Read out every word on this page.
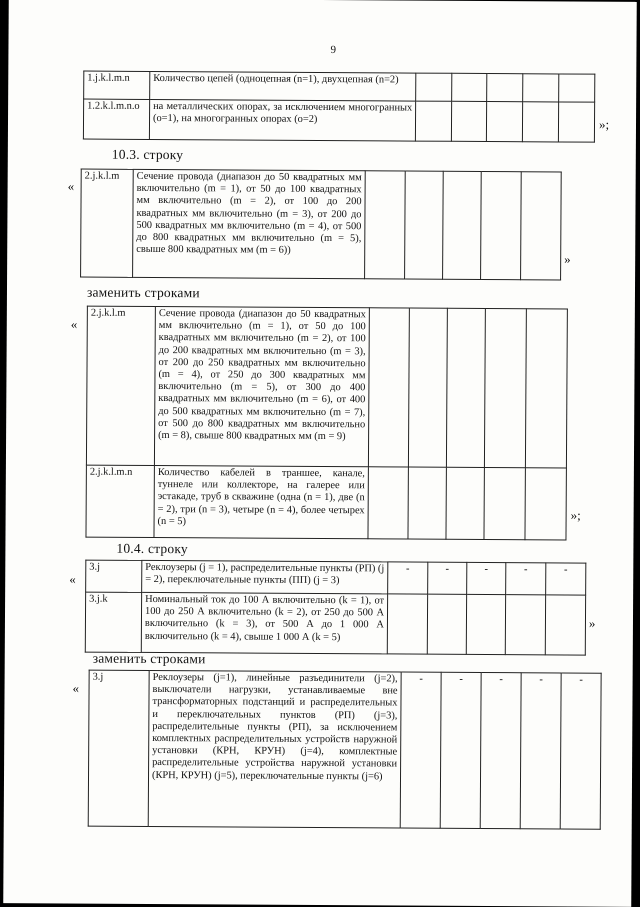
9
1.j.k.l.m.n	Количество цепей (одноцепная (n=1), двухцепная (n=2)					
1.2.k.l.m.n.o	на металлических опорах, за исключением многогранных (о=1), на многогранных опорах (о=2)						»;
10.3. строку
«
2.j.k.l.m	Сечение провода (диапазон до 50 квадратных мм включительно (m = 1), от 50 до 100 квадратных мм включительно (m = 2), от 100 до 200 квадратных мм включительно (m = 3), от 200 до 500 квадратных мм включительно (m = 4), от 500 до 800 квадратных мм включительно (m = 5), свыше 800 квадратных мм (m = 6))					
»
заменить строками
«
2.j.k.l.m	Сечение провода (диапазон до 50 квадратных мм включительно (m = 1), от 50 до 100 квадратных мм включительно (m = 2), от 100 до 200 квадратных мм включительно (m = 3), от 200 до 250 квадратных мм включительно (m = 4), от 250 до 300 квадратных мм включительно (m = 5), от 300 до 400 квадратных мм включительно (m = 6), от 400 до 500 квадратных мм включительно (m = 7), от 500 до 800 квадратных мм включительно (m = 8), свыше 800 квадратных мм (m = 9)					
2.j.k.l.m.n	Количество кабелей в траншее, канале, туннеле или коллекторе, на галерее или эстакаде, труб в скважине (одна (n = 1), две (n = 2), три (n = 3), четыре (n = 4), более четырех (n = 5)						»;
10.4. строку
«
3.j	Реклоузеры (j = 1), распределительные пункты (РП) (j = 2), переключательные пункты (ПП) (j = 3)	-	-	-	-	-
3.j.k	Номинальный ток до 100 А включительно (k = 1), от 100 до 250 А включительно (k = 2), от 250 до 500 А включительно (k = 3), от 500 А до 1 000 А включительно (k = 4), свыше 1 000 А (k = 5)					
»
заменить строками
«
3.j	Реклоузеры (j=1), линейные разъединители (j=2), выключатели нагрузки, устанавливаемые вне трансформаторных подстанций и распределительных и переключательных пунктов (РП) (j=3), распределительные пункты (РП), за исключением комплектных распределительных устройств наружной установки (КРН, КРУН) (j=4), комплектные распределительные устройства наружной установки (КРН, КРУН) (j=5), переключательные пункты (j=6)	-	-	-	-	-
